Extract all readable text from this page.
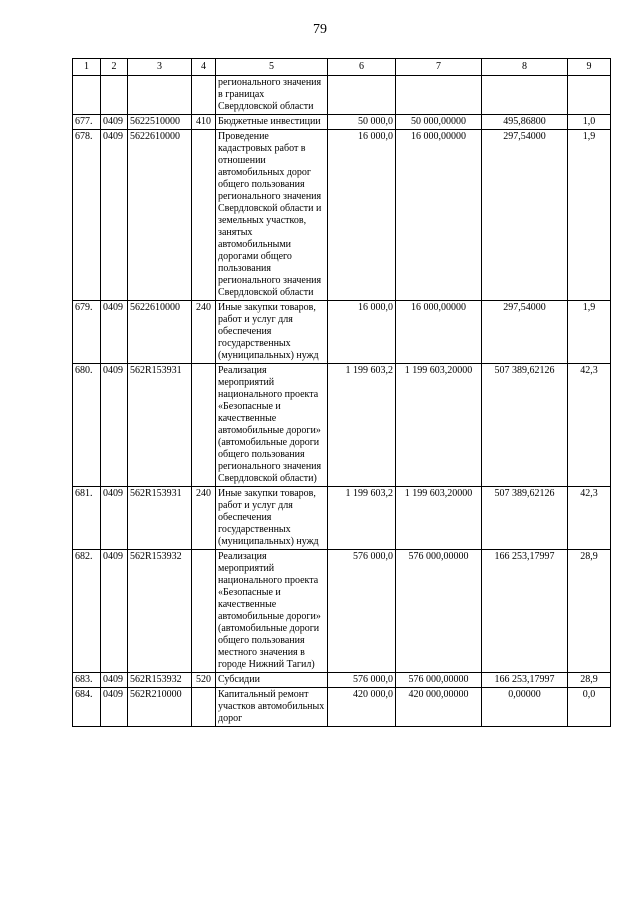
79
1	2	3	4	5	6	7	8	9
				регионального значения в границах Свердловской области				
677.	0409	5622510000	410	Бюджетные инвестиции	50 000,0	50 000,00000	495,86800	1,0
678.	0409	5622610000		Проведение кадастровых работ в отношении автомобильных дорог общего пользования регионального значения Свердловской области и земельных участков, занятых автомобильными дорогами общего пользования регионального значения Свердловской области	16 000,0	16 000,00000	297,54000	1,9
679.	0409	5622610000	240	Иные закупки товаров, работ и услуг для обеспечения государственных (муниципальных) нужд	16 000,0	16 000,00000	297,54000	1,9
680.	0409	562R153931		Реализация мероприятий национального проекта «Безопасные и качественные автомобильные дороги» (автомобильные дороги общего пользования регионального значения Свердловской области)	1 199 603,2	1 199 603,20000	507 389,62126	42,3
681.	0409	562R153931	240	Иные закупки товаров, работ и услуг для обеспечения государственных (муниципальных) нужд	1 199 603,2	1 199 603,20000	507 389,62126	42,3
682.	0409	562R153932		Реализация мероприятий национального проекта «Безопасные и качественные автомобильные дороги» (автомобильные дороги общего пользования местного значения в городе Нижний Тагил)	576 000,0	576 000,00000	166 253,17997	28,9
683.	0409	562R153932	520	Субсидии	576 000,0	576 000,00000	166 253,17997	28,9
684.	0409	562R210000		Капитальный ремонт участков автомобильных дорог	420 000,0	420 000,00000	0,00000	0,0
